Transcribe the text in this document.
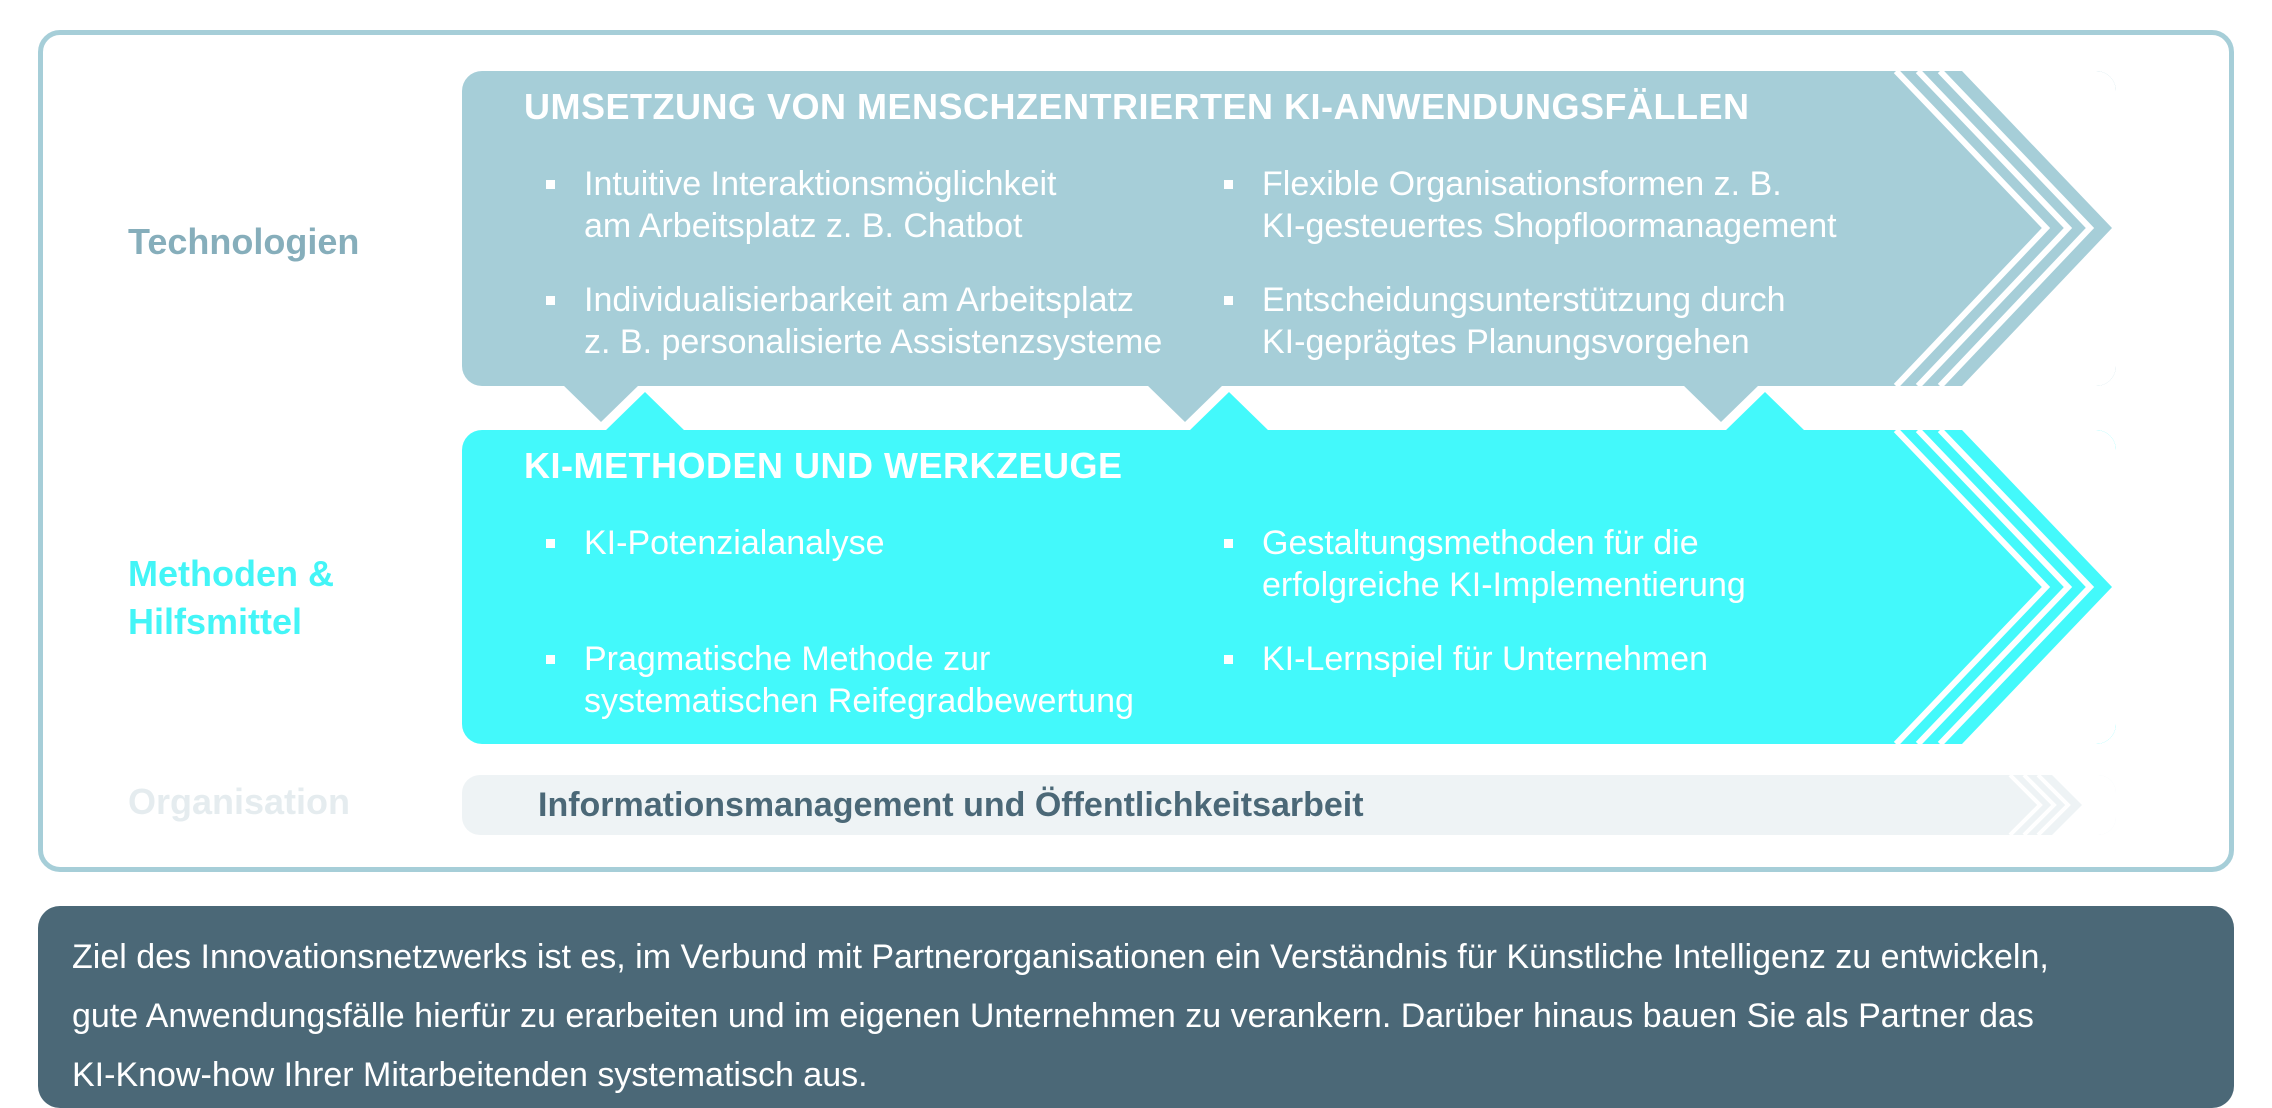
Technologien
Methoden &
Hilfsmittel
Organisation
UMSETZUNG VON MENSCHZENTRIERTEN KI-ANWENDUNGSFÄLLEN
Intuitive Interaktionsmöglichkeit
am Arbeitsplatz z. B. Chatbot
Flexible Organisationsformen z. B.
KI-gesteuertes Shopfloormanagement
Individualisierbarkeit am Arbeitsplatz
z. B. personalisierte Assistenzsysteme
Entscheidungsunterstützung durch
KI-geprägtes Planungsvorgehen
KI-METHODEN UND WERKZEUGE
KI-Potenzialanalyse	Gestaltungsmethoden für die
erfolgreiche KI-Implementierung
Pragmatische Methode zur
systematischen Reifegradbewertung
KI-Lernspiel für Unternehmen
Informationsmanagement und Öffentlichkeitsarbeit
Ziel des Innovationsnetzwerks ist es, im Verbund mit Partnerorganisationen ein Verständnis für Künstliche Intelligenz zu entwickeln,
gute Anwendungsfälle hierfür zu erarbeiten und im eigenen Unternehmen zu verankern. Darüber hinaus bauen Sie als Partner das
KI-Know-how Ihrer Mitarbeitenden systematisch aus.
